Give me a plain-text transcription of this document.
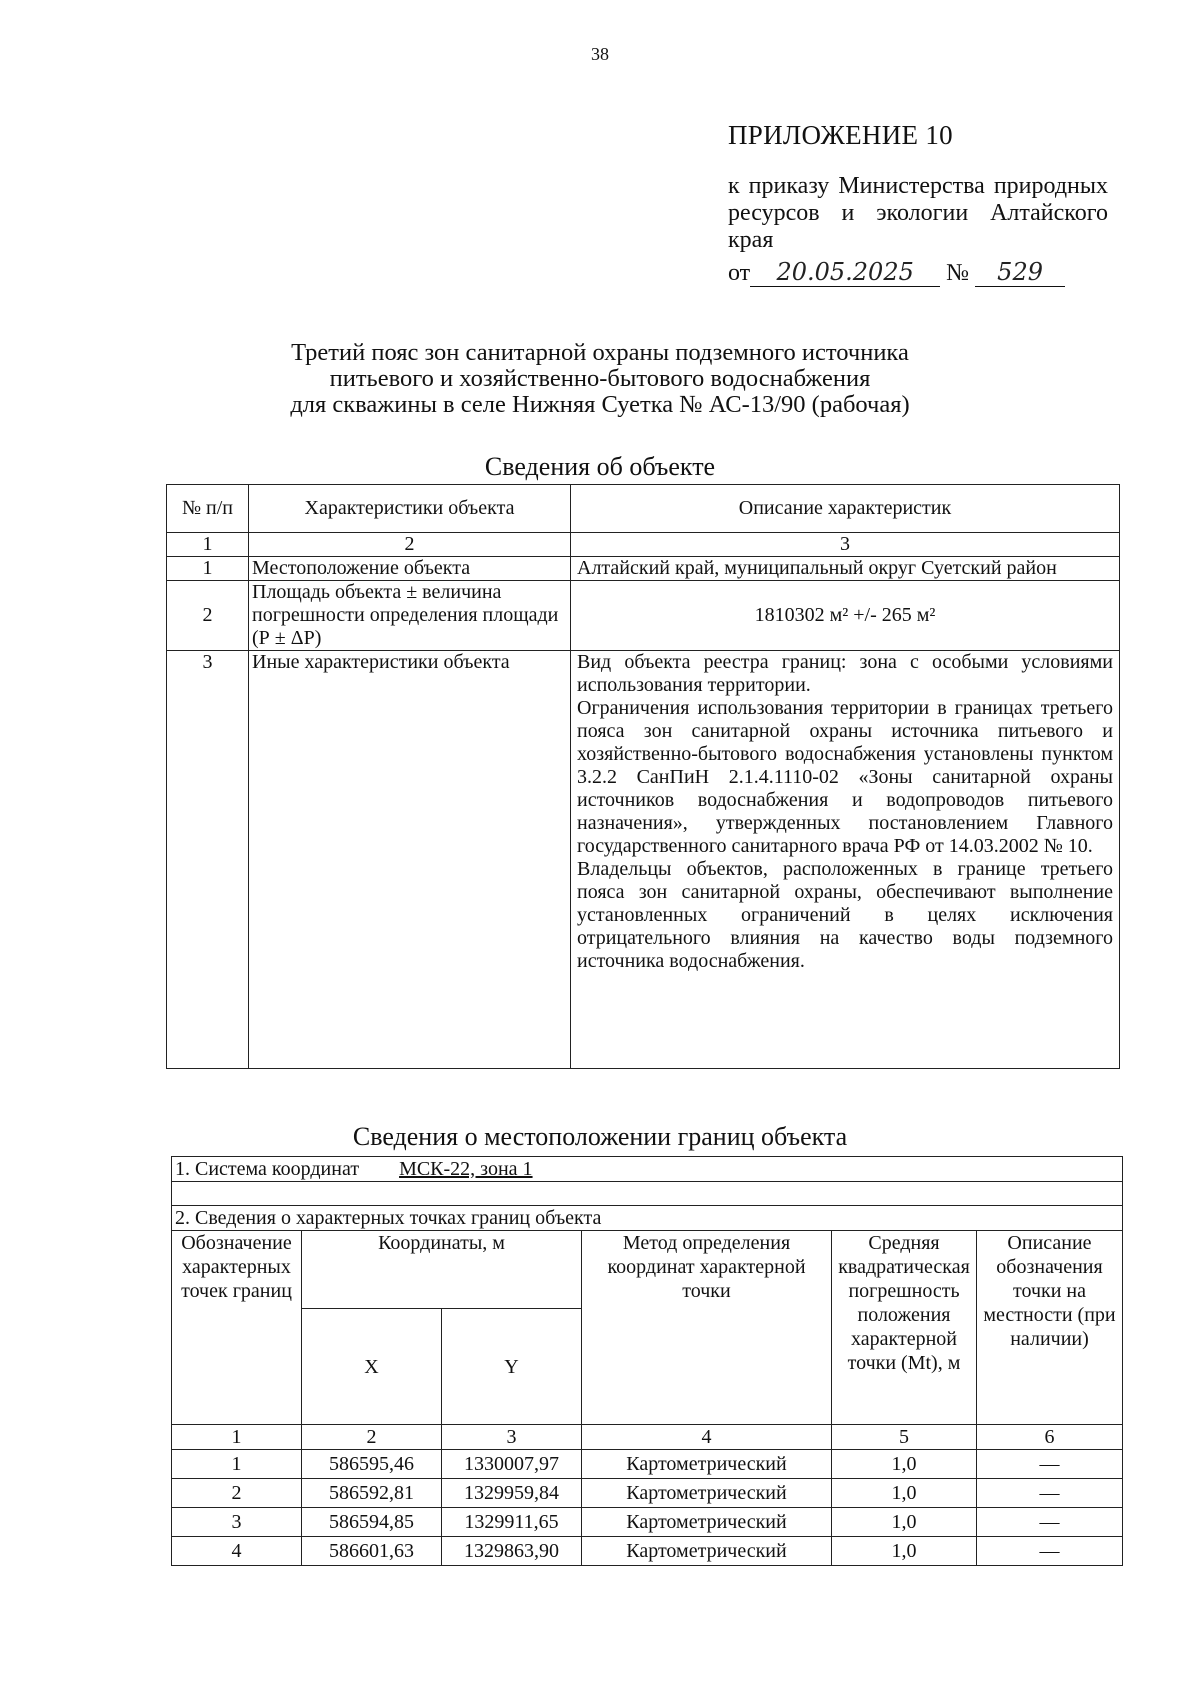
38
ПРИЛОЖЕНИЕ 10
к приказу Министерства природных ресурсов и экологии Алтайского края
от 20.05.2025 № 529
Третий пояс зон санитарной охраны подземного источника
питьевого и хозяйственно-бытового водоснабжения
для скважины в селе Нижняя Суетка № АС-13/90 (рабочая)
Сведения об объекте
№ п/п	Характеристики объекта	Описание характеристик
1	2	3
1	Местоположение объекта	Алтайский край, муниципальный округ Суетский район
2	Площадь объекта ± величина погрешности определения площади (Р ± ΔР)	1810302 м² +/- 265 м²
3	Иные характеристики объекта	Вид объекта реестра границ: зона с особыми условиями использования территории.
Ограничения использования территории в границах третьего пояса зон санитарной охраны источника питьевого и хозяйственно-бытового водоснабжения установлены пунктом 3.2.2 СанПиН 2.1.4.1110-02 «Зоны санитарной охраны источников водоснабжения и водопроводов питьевого назначения», утвержденных постановлением Главного государственного санитарного врача РФ от 14.03.2002 № 10.
Владельцы объектов, расположенных в границе третьего пояса зон санитарной охраны, обеспечивают выполнение установленных ограничений в целях исключения отрицательного влияния на качество воды подземного источника водоснабжения.
Сведения о местоположении границ объекта
1. Система координат МСК-22, зона 1					

2. Сведения о характерных точках границ объекта					
Обозначение характерных точек границ	Координаты, м		Метод определения координат характерной точки	Средняя квадратическая погрешность положения характерной точки (Mt), м	Описание обозначения точки на местности (при наличии)
	X	Y			
1	2	3	4	5	6
1	586595,46	1330007,97	Картометрический	1,0	—
2	586592,81	1329959,84	Картометрический	1,0	—
3	586594,85	1329911,65	Картометрический	1,0	—
4	586601,63	1329863,90	Картометрический	1,0	—
